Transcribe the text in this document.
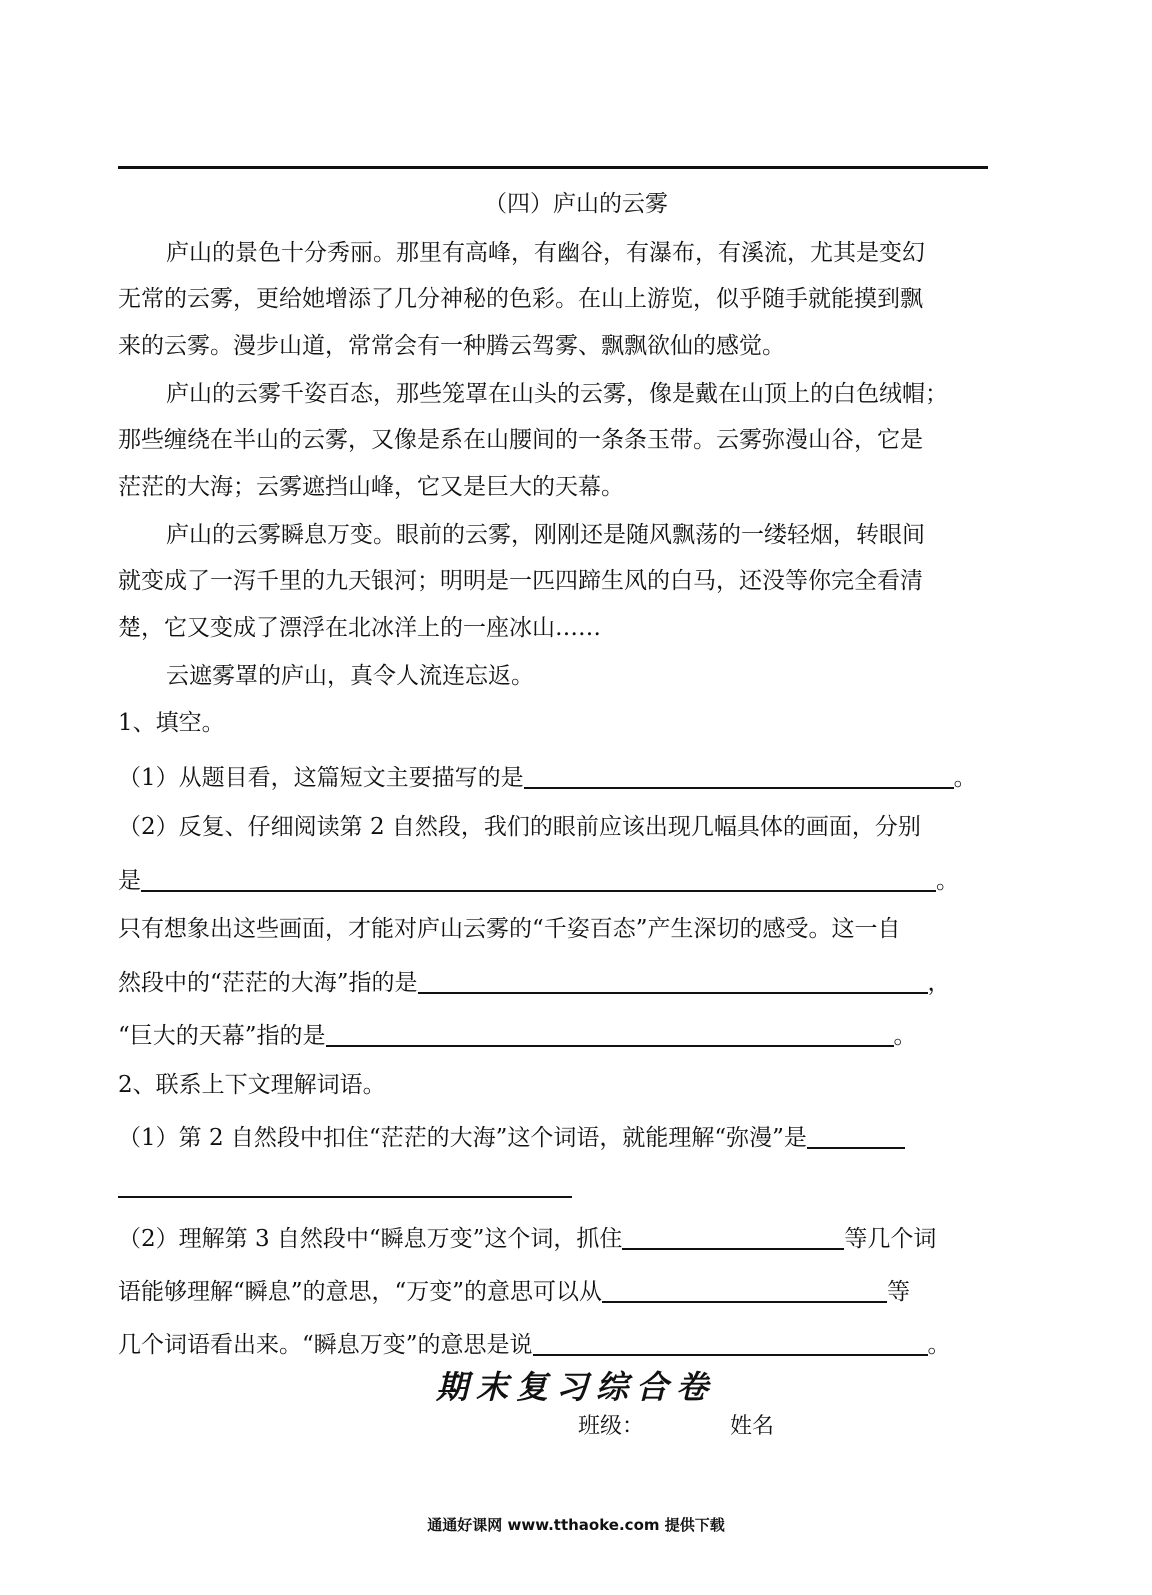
（四）庐山的云雾
庐山的景色十分秀丽。那里有高峰，有幽谷，有瀑布，有溪流，尤其是变幻
无常的云雾，更给她增添了几分神秘的色彩。在山上游览，似乎随手就能摸到飘
来的云雾。漫步山道，常常会有一种腾云驾雾、飘飘欲仙的感觉。
庐山的云雾千姿百态，那些笼罩在山头的云雾，像是戴在山顶上的白色绒帽；
那些缠绕在半山的云雾，又像是系在山腰间的一条条玉带。云雾弥漫山谷，它是
茫茫的大海；云雾遮挡山峰，它又是巨大的天幕。
庐山的云雾瞬息万变。眼前的云雾，刚刚还是随风飘荡的一缕轻烟，转眼间
就变成了一泻千里的九天银河；明明是一匹四蹄生风的白马，还没等你完全看清
楚，它又变成了漂浮在北冰洋上的一座冰山……
云遮雾罩的庐山，真令人流连忘返。
1、填空。
（1）从题目看，这篇短文主要描写的是	。
（2）反复、仔细阅读第 2 自然段，我们的眼前应该出现几幅具体的画面，分别
是	。
只有想象出这些画面，才能对庐山云雾的“千姿百态”产生深切的感受。这一自
然段中的“茫茫的大海”指的是	，
“巨大的天幕”指的是	。
2、联系上下文理解词语。
（1）第 2 自然段中扣住“茫茫的大海”这个词语，就能理解“弥漫”是
（2）理解第 3 自然段中“瞬息万变”这个词，抓住	等几个词
语能够理解“瞬息”的意思，“万变”的意思可以从	等
几个词语看出来。“瞬息万变”的意思是说	。
期末复习综合卷
班级：	姓名
通通好课网 www.tthaoke.com 提供下载
